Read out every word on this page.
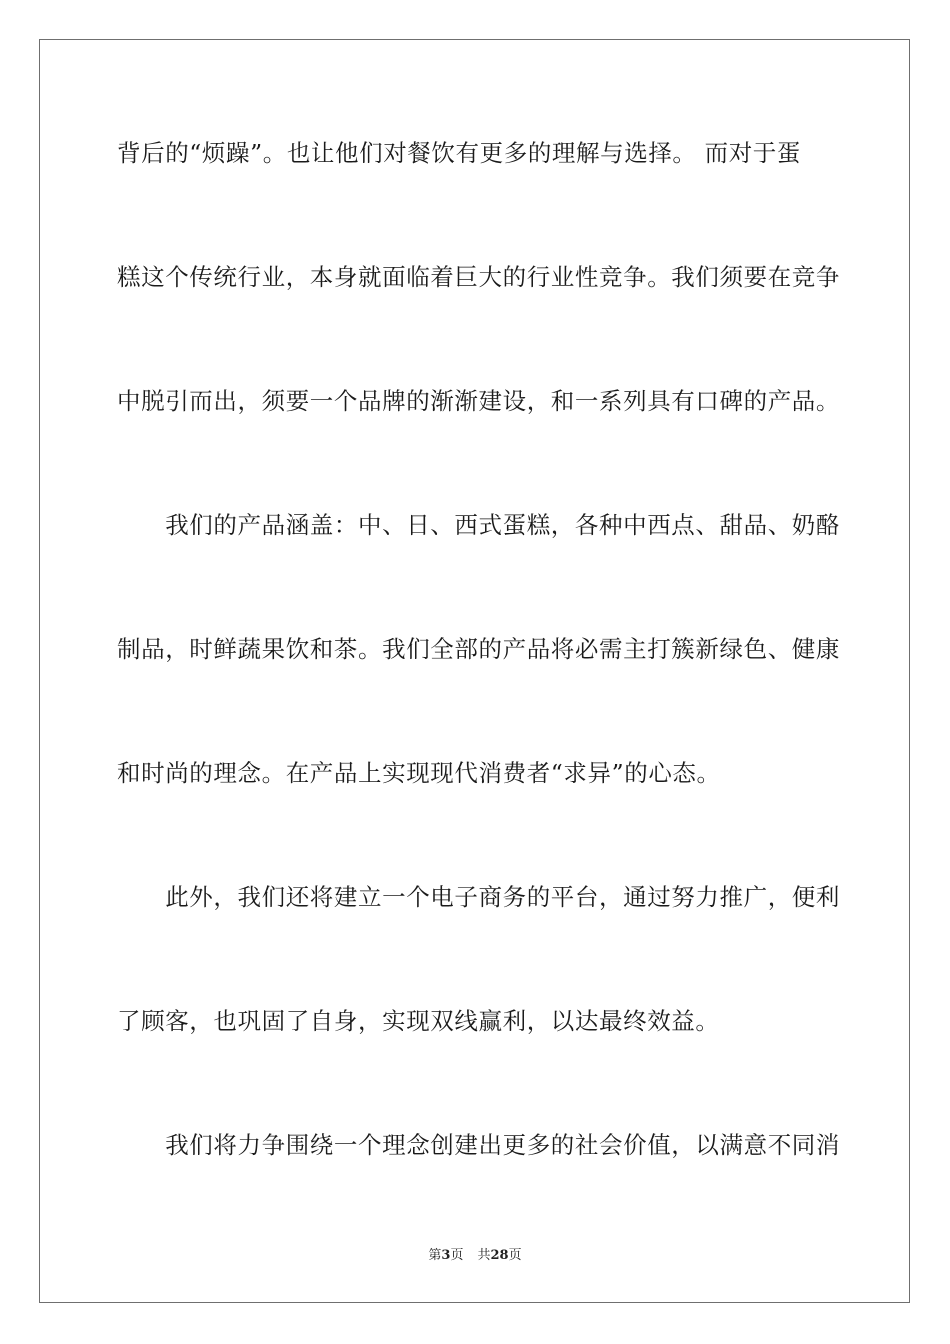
背后的“烦躁”。也让他们对餐饮有更多的理解与选择。 而对于蛋
糕这个传统行业，本身就面临着巨大的行业性竞争。我们须要在竞争
中脱引而出，须要一个品牌的渐渐建设，和一系列具有口碑的产品。
　　我们的产品涵盖：中、日、西式蛋糕，各种中西点、甜品、奶酪
制品，时鲜蔬果饮和茶。我们全部的产品将必需主打簇新绿色、健康
和时尚的理念。在产品上实现现代消费者“求异”的心态。
　　此外，我们还将建立一个电子商务的平台，通过努力推广，便利
了顾客，也巩固了自身，实现双线赢利，以达最终效益。
　　我们将力争围绕一个理念创建出更多的社会价值，以满意不同消
第3页 共28页
